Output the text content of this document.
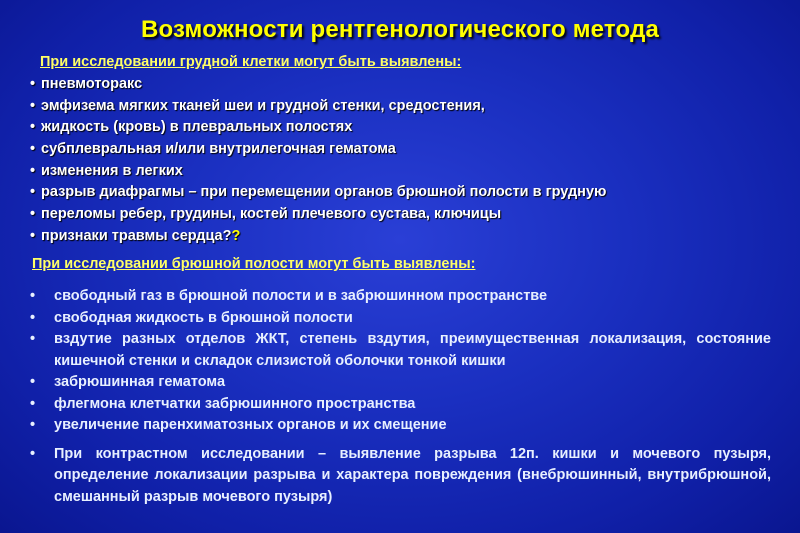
Возможности рентгенологического метода
При исследовании грудной клетки могут быть выявлены:
• пневмоторакс
• эмфизема мягких тканей шеи и грудной стенки, средостения,
• жидкость (кровь) в плевральных полостях
• субплевральная и/или внутрилегочная гематома
• изменения в легких
• разрыв диафрагмы – при перемещении органов брюшной полости в грудную
• переломы ребер, грудины, костей плечевого сустава, ключицы
• признаки травмы сердца??
При исследовании брюшной полости могут быть выявлены:
• свободный газ в брюшной полости и в забрюшинном пространстве
• свободная жидкость в брюшной полости
• вздутие разных отделов ЖКТ, степень вздутия, преимущественная локализация, состояние кишечной стенки и складок слизистой оболочки тонкой кишки
• забрюшинная гематома
• флегмона клетчатки забрюшинного пространства
• увеличение паренхиматозных органов и их смещение
• При контрастном исследовании – выявление разрыва 12п. кишки и мочевого пузыря, определение локализации разрыва и характера повреждения (внебрюшинный, внутрибрюшной, смешанный разрыв мочевого пузыря)
